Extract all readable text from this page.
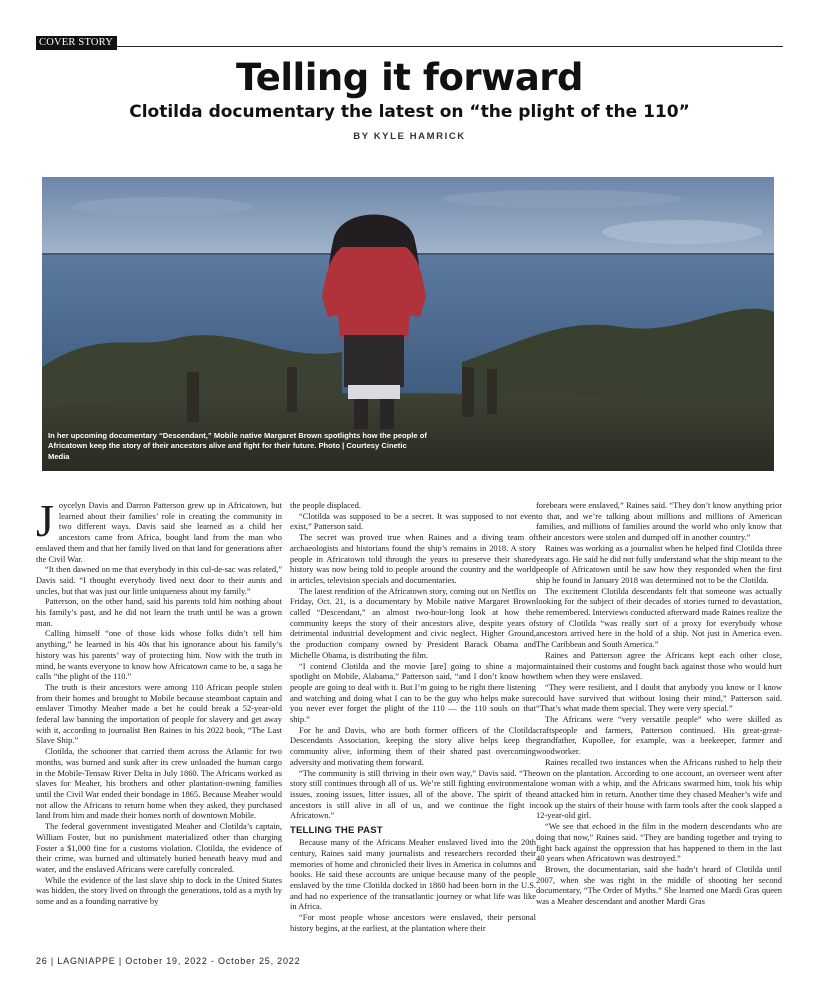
COVER STORY
Telling it forward
Clotilda documentary the latest on “the plight of the 110”
BY KYLE HAMRICK
In her upcoming documentary “Descendant,” Mobile native Margaret Brown spotlights how the people of Africatown keep the story of their ancestors alive and fight for their future. Photo | Courtesy Cinetic Media

Joycelyn Davis and Darron Patterson grew up in Africatown, but learned about their families’ role in creating the community in two different ways. Davis said she learned as a child her ancestors came from Africa, bought land from the man who enslaved them and that her family lived on that land for generations after the Civil War.

“It then dawned on me that everybody in this cul-de-sac was related,” Davis said. “I thought everybody lived next door to their aunts and uncles, but that was just our little uniqueness about my family.”

Patterson, on the other hand, said his parents told him nothing about his family’s past, and he did not learn the truth until he was a grown man.

Calling himself “one of those kids whose folks didn’t tell him anything,” he learned in his 40s that his ignorance about his family’s history was his parents’ way of protecting him. Now with the truth in mind, he wants everyone to know how Africatown came to be, a saga he calls “the plight of the 110.”

The truth is their ancestors were among 110 African people stolen from their homes and brought to Mobile because steamboat captain and enslaver Timothy Meaher made a bet he could break a 52-year-old federal law banning the importation of people for slavery and get away with it, according to journalist Ben Raines in his 2022 book, “The Last Slave Ship.”

Clotilda, the schooner that carried them across the Atlantic for two months, was burned and sunk after its crew unloaded the human cargo in the Mobile-Tensaw River Delta in July 1860. The Africans worked as slaves for Meaher, his brothers and other plantation-owning families until the Civil War ended their bondage in 1865. Because Meaher would not allow the Africans to return home when they asked, they purchased land from him and made their homes north of downtown Mobile.

The federal government investigated Meaher and Clotilda’s captain, William Foster, but no punishment materialized other than charging Foster a $1,000 fine for a customs violation. Clotilda, the evidence of their crime, was burned and ultimately buried beneath heavy mud and water, and the enslaved Africans were carefully concealed.

While the evidence of the last slave ship to dock in the United States was hidden, the story lived on through the generations, told as a myth by some and as a founding narrative by

the people displaced.

“Clotilda was supposed to be a secret. It was supposed to not even exist,” Patterson said.

The secret was proved true when Raines and a diving team of archaeologists and historians found the ship’s remains in 2018. A story people in Africatown told through the years to preserve their shared history was now being told to people around the country and the world in articles, television specials and documentaries.

The latest rendition of the Africatown story, coming out on Netflix on Friday, Oct. 21, is a documentary by Mobile native Margaret Brown called “Descendant,” an almost two-hour-long look at how the community keeps the story of their ancestors alive, despite years of detrimental industrial development and civic neglect. Higher Ground, the production company owned by President Barack Obama and Michelle Obama, is distributing the film.

“I contend Clotilda and the movie [are] going to shine a major spotlight on Mobile, Alabama,” Patterson said, “and I don’t know how people are going to deal with it. But I’m going to be right there listening and watching and doing what I can to be the guy who helps make sure you never ever forget the plight of the 110 — the 110 souls on that ship.”

For he and Davis, who are both former officers of the Clotilda Descendants Association, keeping the story alive helps keep the community alive, informing them of their shared past overcoming adversity and motivating them forward.

“The community is still thriving in their own way,” Davis said. “The story still continues through all of us. We’re still fighting environmental issues, zoning issues, litter issues, all of the above. The spirit of the ancestors is still alive in all of us, and we continue the fight in Africatown.”

TELLING THE PAST

Because many of the Africans Meaher enslaved lived into the 20th century, Raines said many journalists and researchers recorded their memories of home and chronicled their lives in America in columns and books. He said these accounts are unique because many of the people enslaved by the time Clotilda docked in 1860 had been born in the U.S. and had no experience of the transatlantic journey or what life was like in Africa.

“For most people whose ancestors were enslaved, their personal history begins, at the earliest, at the plantation where their

forebears were enslaved,” Raines said. “They don’t know anything prior to that, and we’re talking about millions and millions of American families, and millions of families around the world who only know that their ancestors were stolen and dumped off in another country.”

Raines was working as a journalist when he helped find Clotilda three years ago. He said he did not fully understand what the ship meant to the people of Africatown until he saw how they responded when the first ship he found in January 2018 was determined not to be the Clotilda.

The excitement Clotilda descendants felt that someone was actually looking for the subject of their decades of stories turned to devastation, he remembered. Interviews conducted afterward made Raines realize the story of Clotilda “was really sort of a proxy for everybody whose ancestors arrived here in the hold of a ship. Not just in America even. The Caribbean and South America.”

Raines and Patterson agree the Africans kept each other close, maintained their customs and fought back against those who would hurt them when they were enslaved.

“They were resilient, and I doubt that anybody you know or I know could have survived that without losing their mind,” Patterson said. “That’s what made them special. They were very special.”

The Africans were “very versatile people” who were skilled as craftspeople and farmers, Patterson continued. His great-great-grandfather, Kupollee, for example, was a beekeeper, farmer and woodworker.

Raines recalled two instances when the Africans rushed to help their own on the plantation. According to one account, an overseer went after one woman with a whip, and the Africans swarmed him, took his whip and attacked him in return. Another time they chased Meaher’s wife and cook up the stairs of their house with farm tools after the cook slapped a 12-year-old girl.

“We see that echoed in the film in the modern descendants who are doing that now,” Raines said. “They are banding together and trying to fight back against the oppression that has happened to them in the last 40 years when Africatown was destroyed.”

Brown, the documentarian, said she hadn’t heard of Clotilda until 2007, when she was right in the middle of shooting her second documentary, “The Order of Myths.” She learned one Mardi Gras queen was a Meaher descendant and another Mardi Gras

26 | LAGNIAPPE | October 19, 2022 - October 25, 2022
